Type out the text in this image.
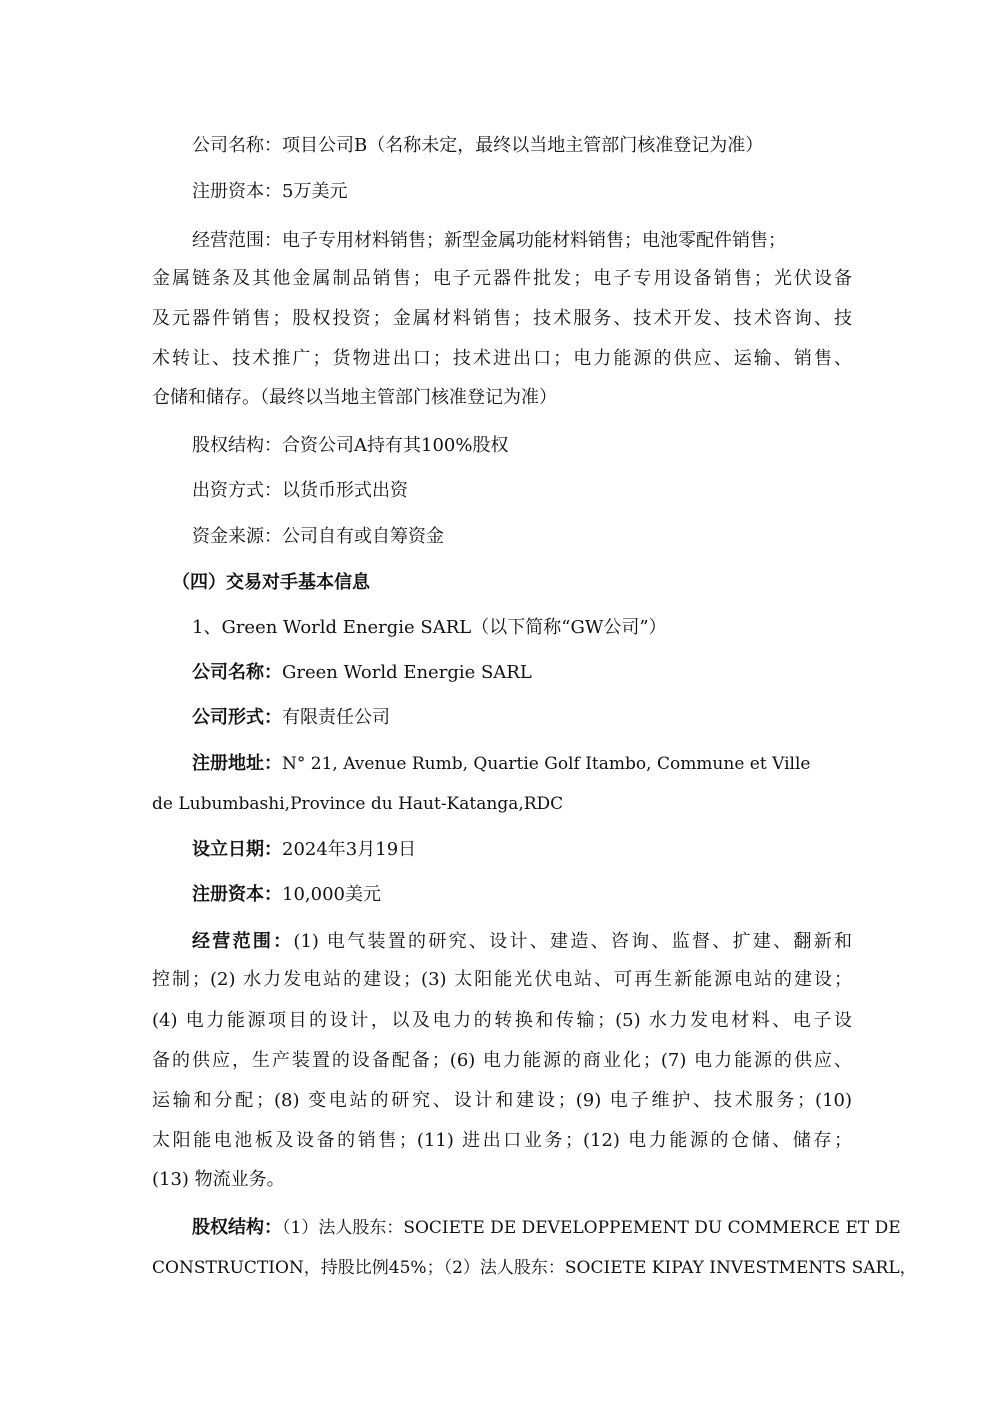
公司名称：项目公司B（名称未定，最终以当地主管部门核准登记为准）
注册资本：5万美元
经营范围：电子专用材料销售；新型金属功能材料销售；电池零配件销售；
金属链条及其他金属制品销售；电子元器件批发；电子专用设备销售；光伏设备
及元器件销售；股权投资；金属材料销售；技术服务、技术开发、技术咨询、技
术转让、技术推广；货物进出口；技术进出口；电力能源的供应、运输、销售、
仓储和储存。（最终以当地主管部门核准登记为准）
股权结构：合资公司A持有其100%股权
出资方式：以货币形式出资
资金来源：公司自有或自筹资金
（四）交易对手基本信息
1、Green World Energie SARL（以下简称“GW公司”）
公司名称：Green World Energie SARL
公司形式：有限责任公司
注册地址：N° 21, Avenue Rumb, Quartie Golf Itambo, Commune et Ville
de Lubumbashi,Province du Haut-Katanga,RDC
设立日期：2024年3月19日
注册资本：10,000美元
经营范围：(1) 电气装置的研究、设计、建造、咨询、监督、扩建、翻新和
控制；(2) 水力发电站的建设；(3) 太阳能光伏电站、可再生新能源电站的建设；
(4) 电力能源项目的设计，以及电力的转换和传输；(5) 水力发电材料、电子设
备的供应，生产装置的设备配备；(6) 电力能源的商业化；(7) 电力能源的供应、
运输和分配；(8) 变电站的研究、设计和建设；(9) 电子维护、技术服务；(10)
太阳能电池板及设备的销售；(11) 进出口业务；(12) 电力能源的仓储、储存；
(13) 物流业务。
股权结构：（1）法人股东：SOCIETE DE DEVELOPPEMENT DU COMMERCE ET DE
CONSTRUCTION，持股比例45%；（2）法人股东：SOCIETE KIPAY INVESTMENTS SARL，
